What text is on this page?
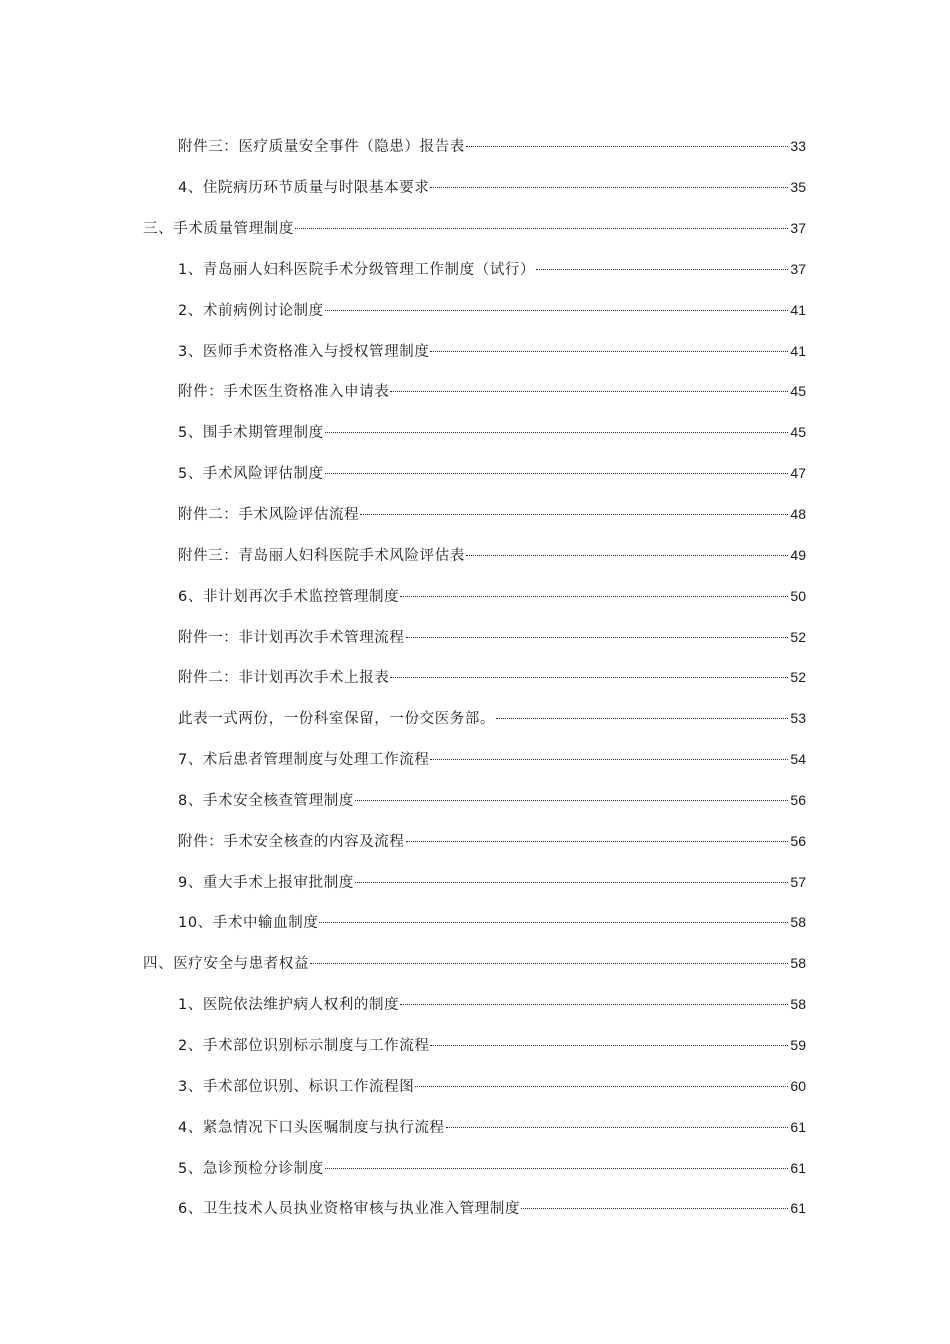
附件三：医疗质量安全事件（隐患）报告表	33
4、住院病历环节质量与时限基本要求	35
三、手术质量管理制度	37
1、青岛丽人妇科医院手术分级管理工作制度（试行）	37
2、术前病例讨论制度	41
3、医师手术资格准入与授权管理制度	41
附件：手术医生资格准入申请表	45
5、围手术期管理制度	45
5、手术风险评估制度	47
附件二：手术风险评估流程	48
附件三：青岛丽人妇科医院手术风险评估表	49
6、非计划再次手术监控管理制度	50
附件一：非计划再次手术管理流程	52
附件二：非计划再次手术上报表	52
此表一式两份，一份科室保留，一份交医务部。	53
7、术后患者管理制度与处理工作流程	54
8、手术安全核查管理制度	56
附件：手术安全核查的内容及流程	56
9、重大手术上报审批制度	57
10、手术中输血制度	58
四、医疗安全与患者权益	58
1、医院依法维护病人权利的制度	58
2、手术部位识别标示制度与工作流程	59
3、手术部位识别、标识工作流程图	60
4、紧急情况下口头医嘱制度与执行流程	61
5、急诊预检分诊制度	61
6、卫生技术人员执业资格审核与执业准入管理制度	61
